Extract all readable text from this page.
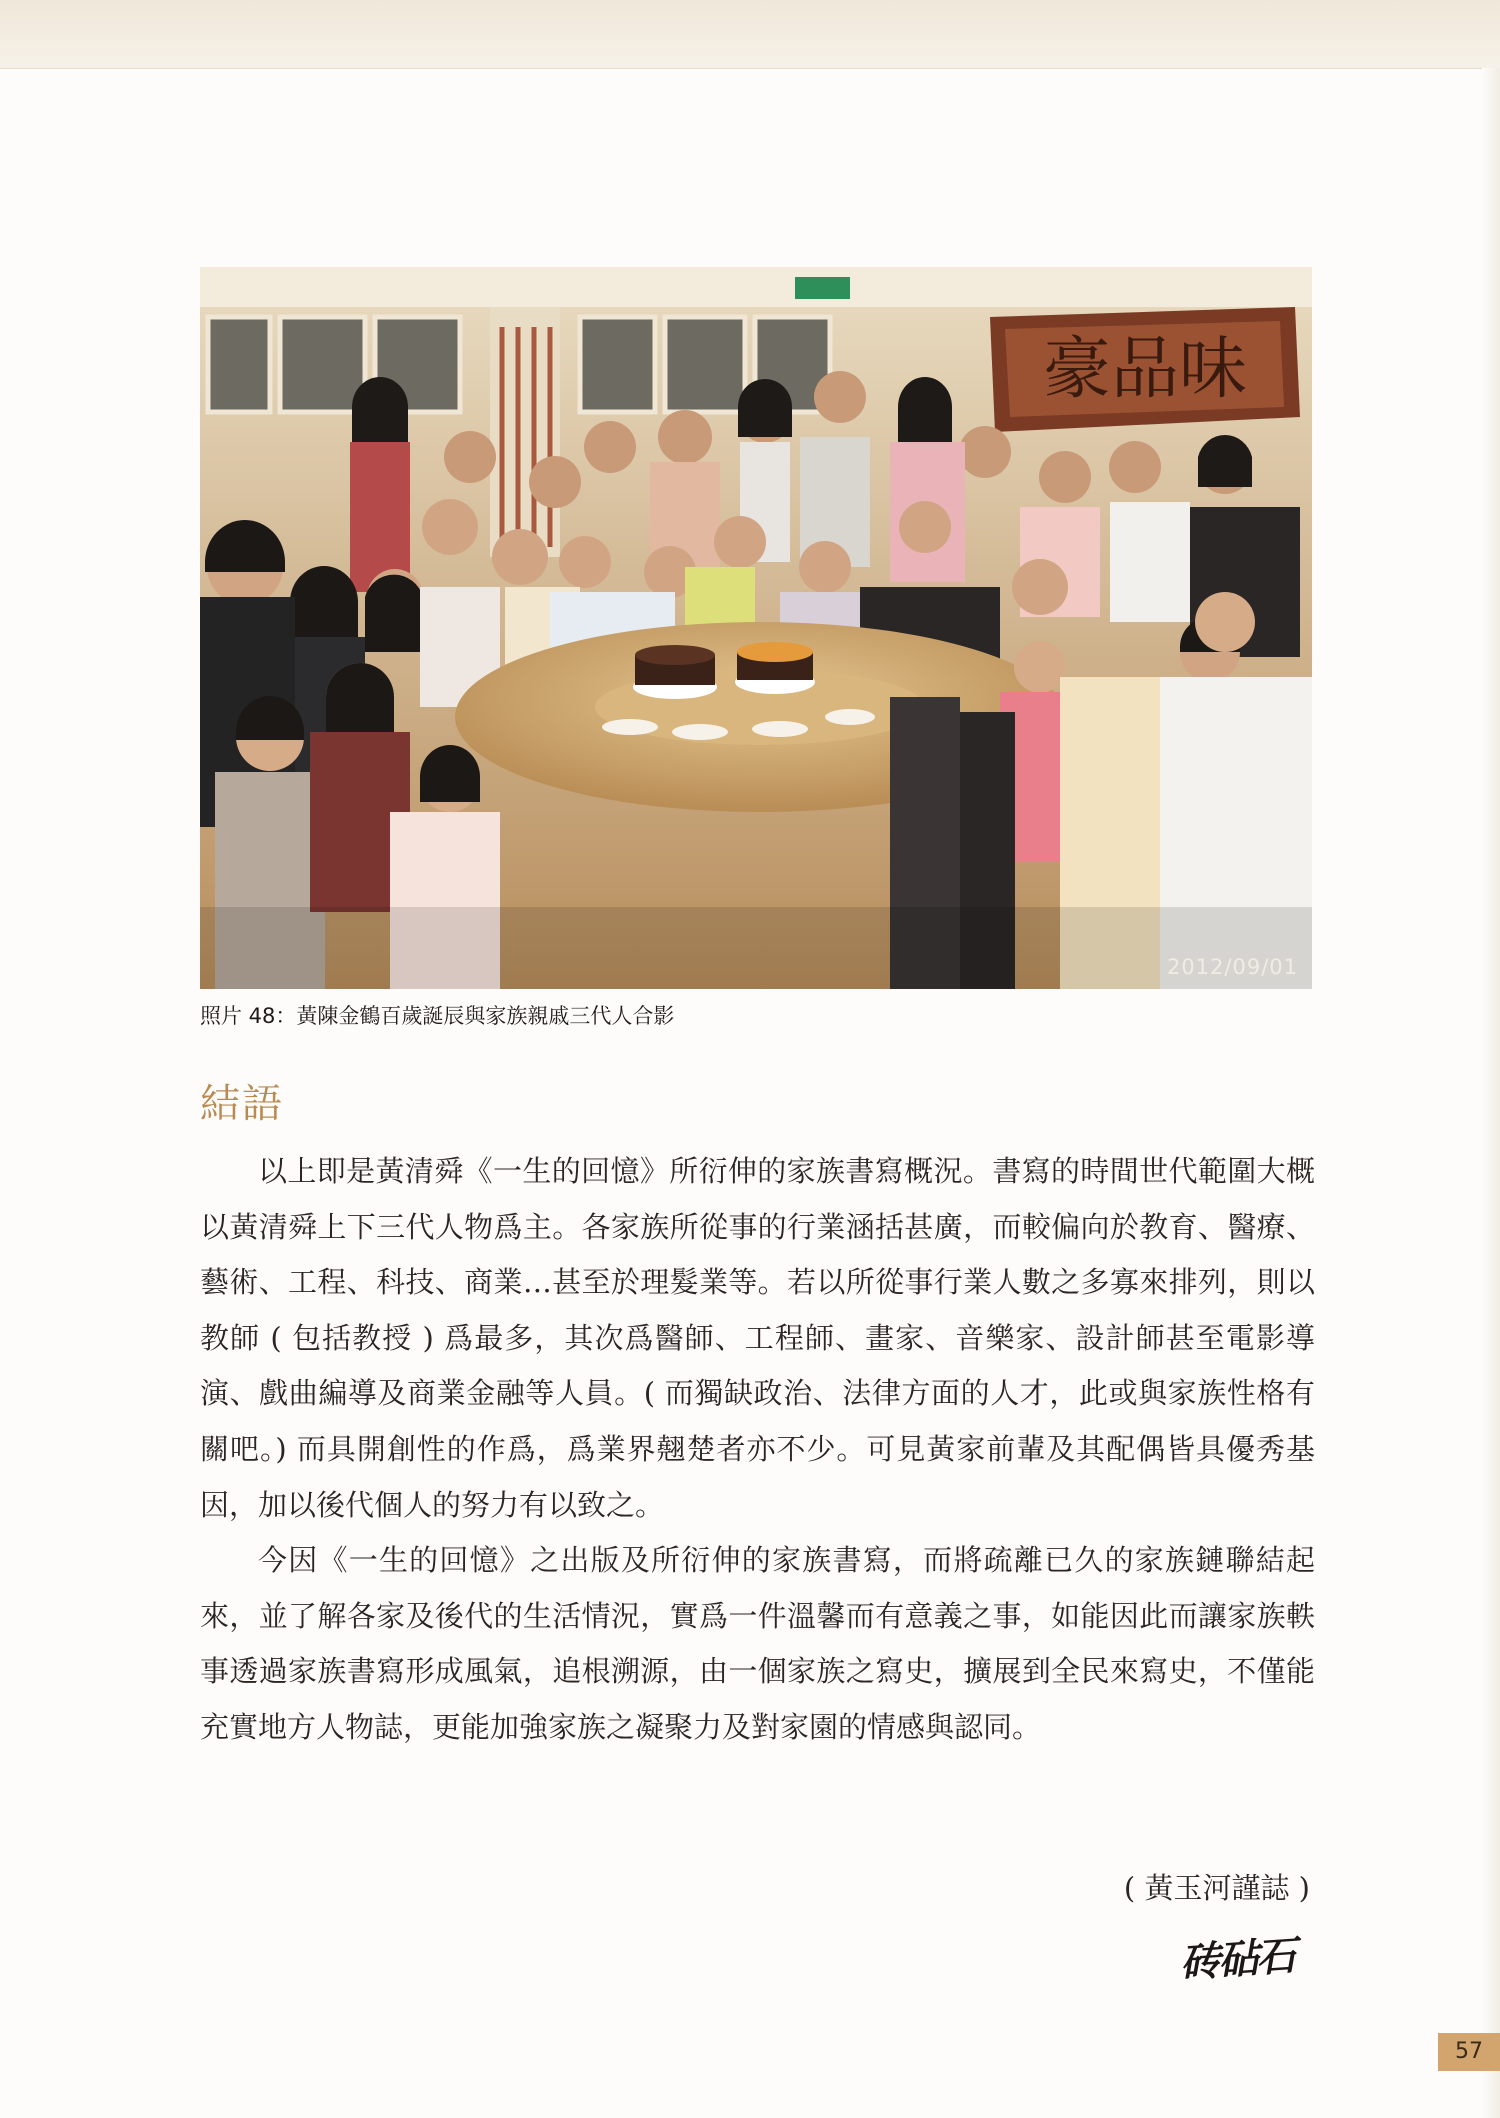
豪品味
2012/09/01
照片 48：黃陳金鶴百歲誕辰與家族親戚三代人合影
結語

以上即是黃清舜《一生的回憶》所衍伸的家族書寫概況。書寫的時間世代範圍大概以黃清舜上下三代人物爲主。各家族所從事的行業涵括甚廣，而較偏向於教育、醫療、藝術、工程、科技、商業…甚至於理髮業等。若以所從事行業人數之多寡來排列，則以教師 ( 包括教授 ) 爲最多，其次爲醫師、工程師、畫家、音樂家、設計師甚至電影導演、戲曲編導及商業金融等人員。( 而獨缺政治、法律方面的人才，此或與家族性格有關吧。) 而具開創性的作爲，爲業界翹楚者亦不少。可見黃家前輩及其配偶皆具優秀基因，加以後代個人的努力有以致之。

今因《一生的回憶》之出版及所衍伸的家族書寫，而將疏離已久的家族鏈聯結起來，並了解各家及後代的生活情況，實爲一件溫馨而有意義之事，如能因此而讓家族軼事透過家族書寫形成風氣，追根溯源，由一個家族之寫史，擴展到全民來寫史，不僅能充實地方人物誌，更能加強家族之凝聚力及對家園的情感與認同。

( 黃玉河謹誌 )
砖砧石
57
